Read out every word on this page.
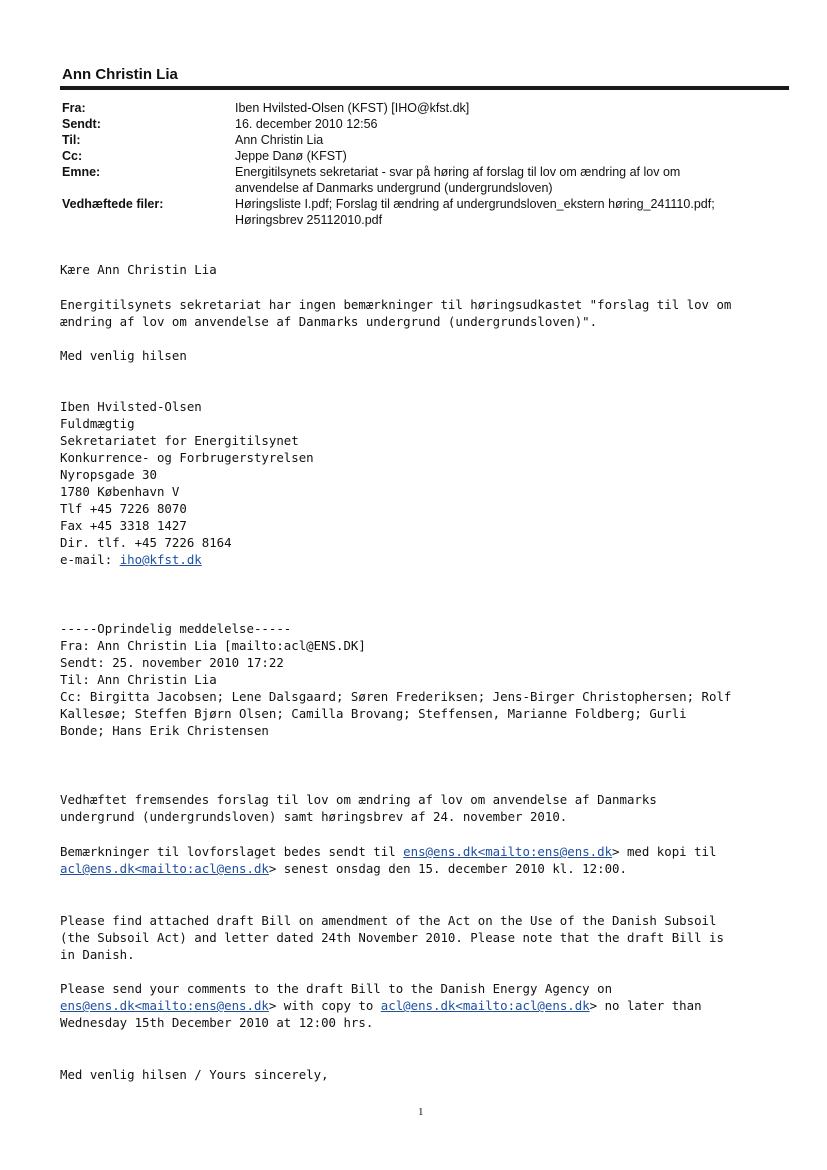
Ann Christin Lia
Fra:
Sendt:
Til:
Cc:
Emne:
Vedhæftede filer:
Iben Hvilsted-Olsen (KFST) [IHO@kfst.dk]
16. december 2010 12:56
Ann Christin Lia
Jeppe Danø (KFST)
Energitilsynets sekretariat - svar på høring af forslag til lov om ændring af lov om
anvendelse af Danmarks undergrund (undergrundsloven)
Høringsliste I.pdf; Forslag til ændring af undergrundsloven_ekstern høring_241110.pdf;
Høringsbrev 25112010.pdf
Kære Ann Christin Lia
Energitilsynets sekretariat har ingen bemærkninger til høringsudkastet "forslag til lov om
ændring af lov om anvendelse af Danmarks undergrund (undergrundsloven)".
Med venlig hilsen
Iben Hvilsted-Olsen
Fuldmægtig
Sekretariatet for Energitilsynet
Konkurrence- og Forbrugerstyrelsen
Nyropsgade 30
1780 København V
Tlf +45 7226 8070
Fax +45 3318 1427
Dir. tlf. +45 7226 8164
e-mail: iho@kfst.dk
-----Oprindelig meddelelse-----
Fra: Ann Christin Lia [mailto:acl@ENS.DK]
Sendt: 25. november 2010 17:22
Til: Ann Christin Lia
Cc: Birgitta Jacobsen; Lene Dalsgaard; Søren Frederiksen; Jens-Birger Christophersen; Rolf
Kallesøe; Steffen Bjørn Olsen; Camilla Brovang; Steffensen, Marianne Foldberg; Gurli
Bonde; Hans Erik Christensen
Vedhæftet fremsendes forslag til lov om ændring af lov om anvendelse af Danmarks
undergrund (undergrundsloven) samt høringsbrev af 24. november 2010.
Bemærkninger til lovforslaget bedes sendt til ens@ens.dk<mailto:ens@ens.dk> med kopi til
acl@ens.dk<mailto:acl@ens.dk> senest onsdag den 15. december 2010 kl. 12:00.
Please find attached draft Bill on amendment of the Act on the Use of the Danish Subsoil
(the Subsoil Act) and letter dated 24th November 2010. Please note that the draft Bill is
in Danish.
Please send your comments to the draft Bill to the Danish Energy Agency on
ens@ens.dk<mailto:ens@ens.dk> with copy to acl@ens.dk<mailto:acl@ens.dk> no later than
Wednesday 15th December 2010 at 12:00 hrs.
Med venlig hilsen / Yours sincerely,
1
